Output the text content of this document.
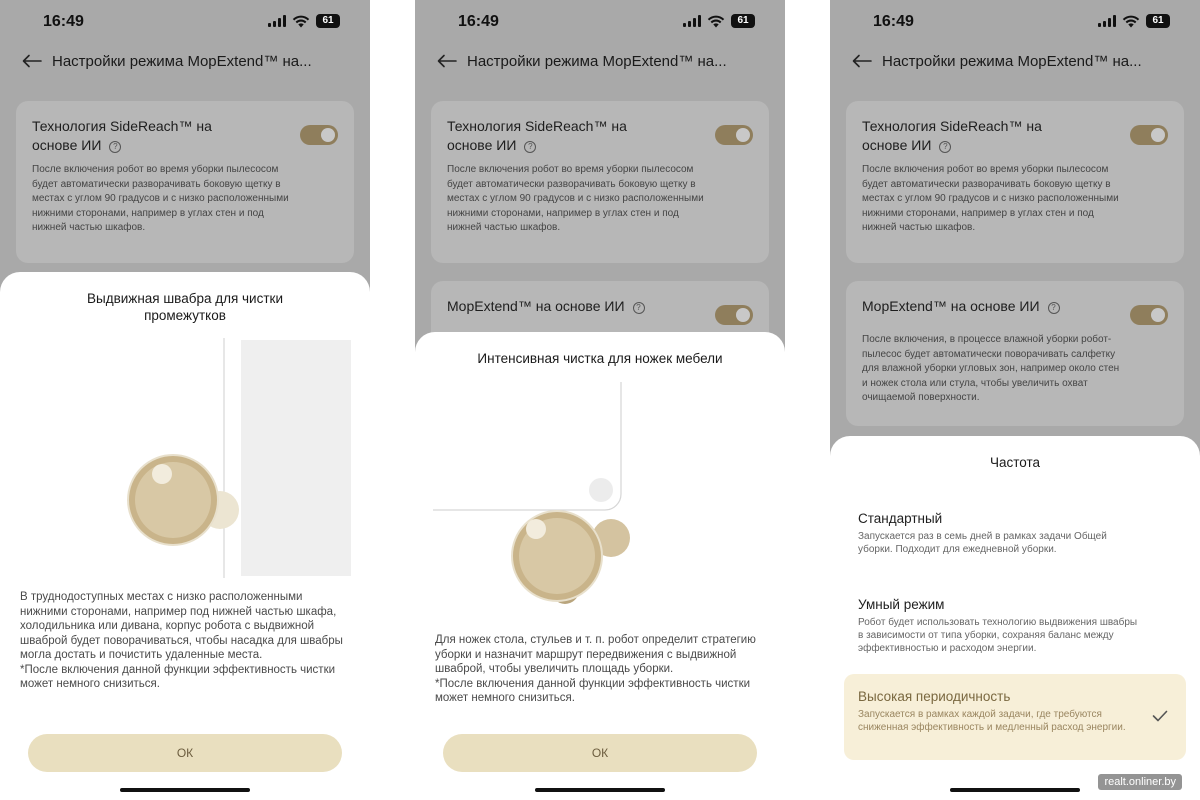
16:49	61
Настройки режима MopExtend™ на...
Технология SideReach™ на основе ИИ ?
После включения робот во время уборки пылесосом будет автоматически разворачивать боковую щетку в местах с углом 90 градусов и с низко расположенными нижними сторонами, например в углах стен и под нижней частью шкафов.
Выдвижная швабра для чистки промежутков
В труднодоступных местах с низко расположенными нижними сторонами, например под нижней частью шкафа, холодильника или дивана, корпус робота с выдвижной шваброй будет поворачиваться, чтобы насадка для швабры могла достать и почистить удаленные места.
*После включения данной функции эффективность чистки может немного снизиться.
ОК
16:49	61
Настройки режима MopExtend™ на...
Технология SideReach™ на основе ИИ ?
После включения робот во время уборки пылесосом будет автоматически разворачивать боковую щетку в местах с углом 90 градусов и с низко расположенными нижними сторонами, например в углах стен и под нижней частью шкафов.
MopExtend™ на основе ИИ ?
Интенсивная чистка для ножек мебели
Для ножек стола, стульев и т. п. робот определит стратегию уборки и назначит маршрут передвижения с выдвижной шваброй, чтобы увеличить площадь уборки.
*После включения данной функции эффективность чистки может немного снизиться.
ОК
16:49	61
Настройки режима MopExtend™ на...
Технология SideReach™ на основе ИИ ?
После включения робот во время уборки пылесосом будет автоматически разворачивать боковую щетку в местах с углом 90 градусов и с низко расположенными нижними сторонами, например в углах стен и под нижней частью шкафов.
MopExtend™ на основе ИИ ?
После включения, в процессе влажной уборки робот-пылесос будет автоматически поворачивать салфетку для влажной уборки угловых зон, например около стен и ножек стола или стула, чтобы увеличить охват очищаемой поверхности.
Частота
Стандартный
Запускается раз в семь дней в рамках задачи Общей уборки. Подходит для ежедневной уборки.
Умный режим
Робот будет использовать технологию выдвижения швабры в зависимости от типа уборки, сохраняя баланс между эффективностью и расходом энергии.
Высокая периодичность
Запускается в рамках каждой задачи, где требуются сниженная эффективность и медленный расход энергии.
realt.onliner.by
